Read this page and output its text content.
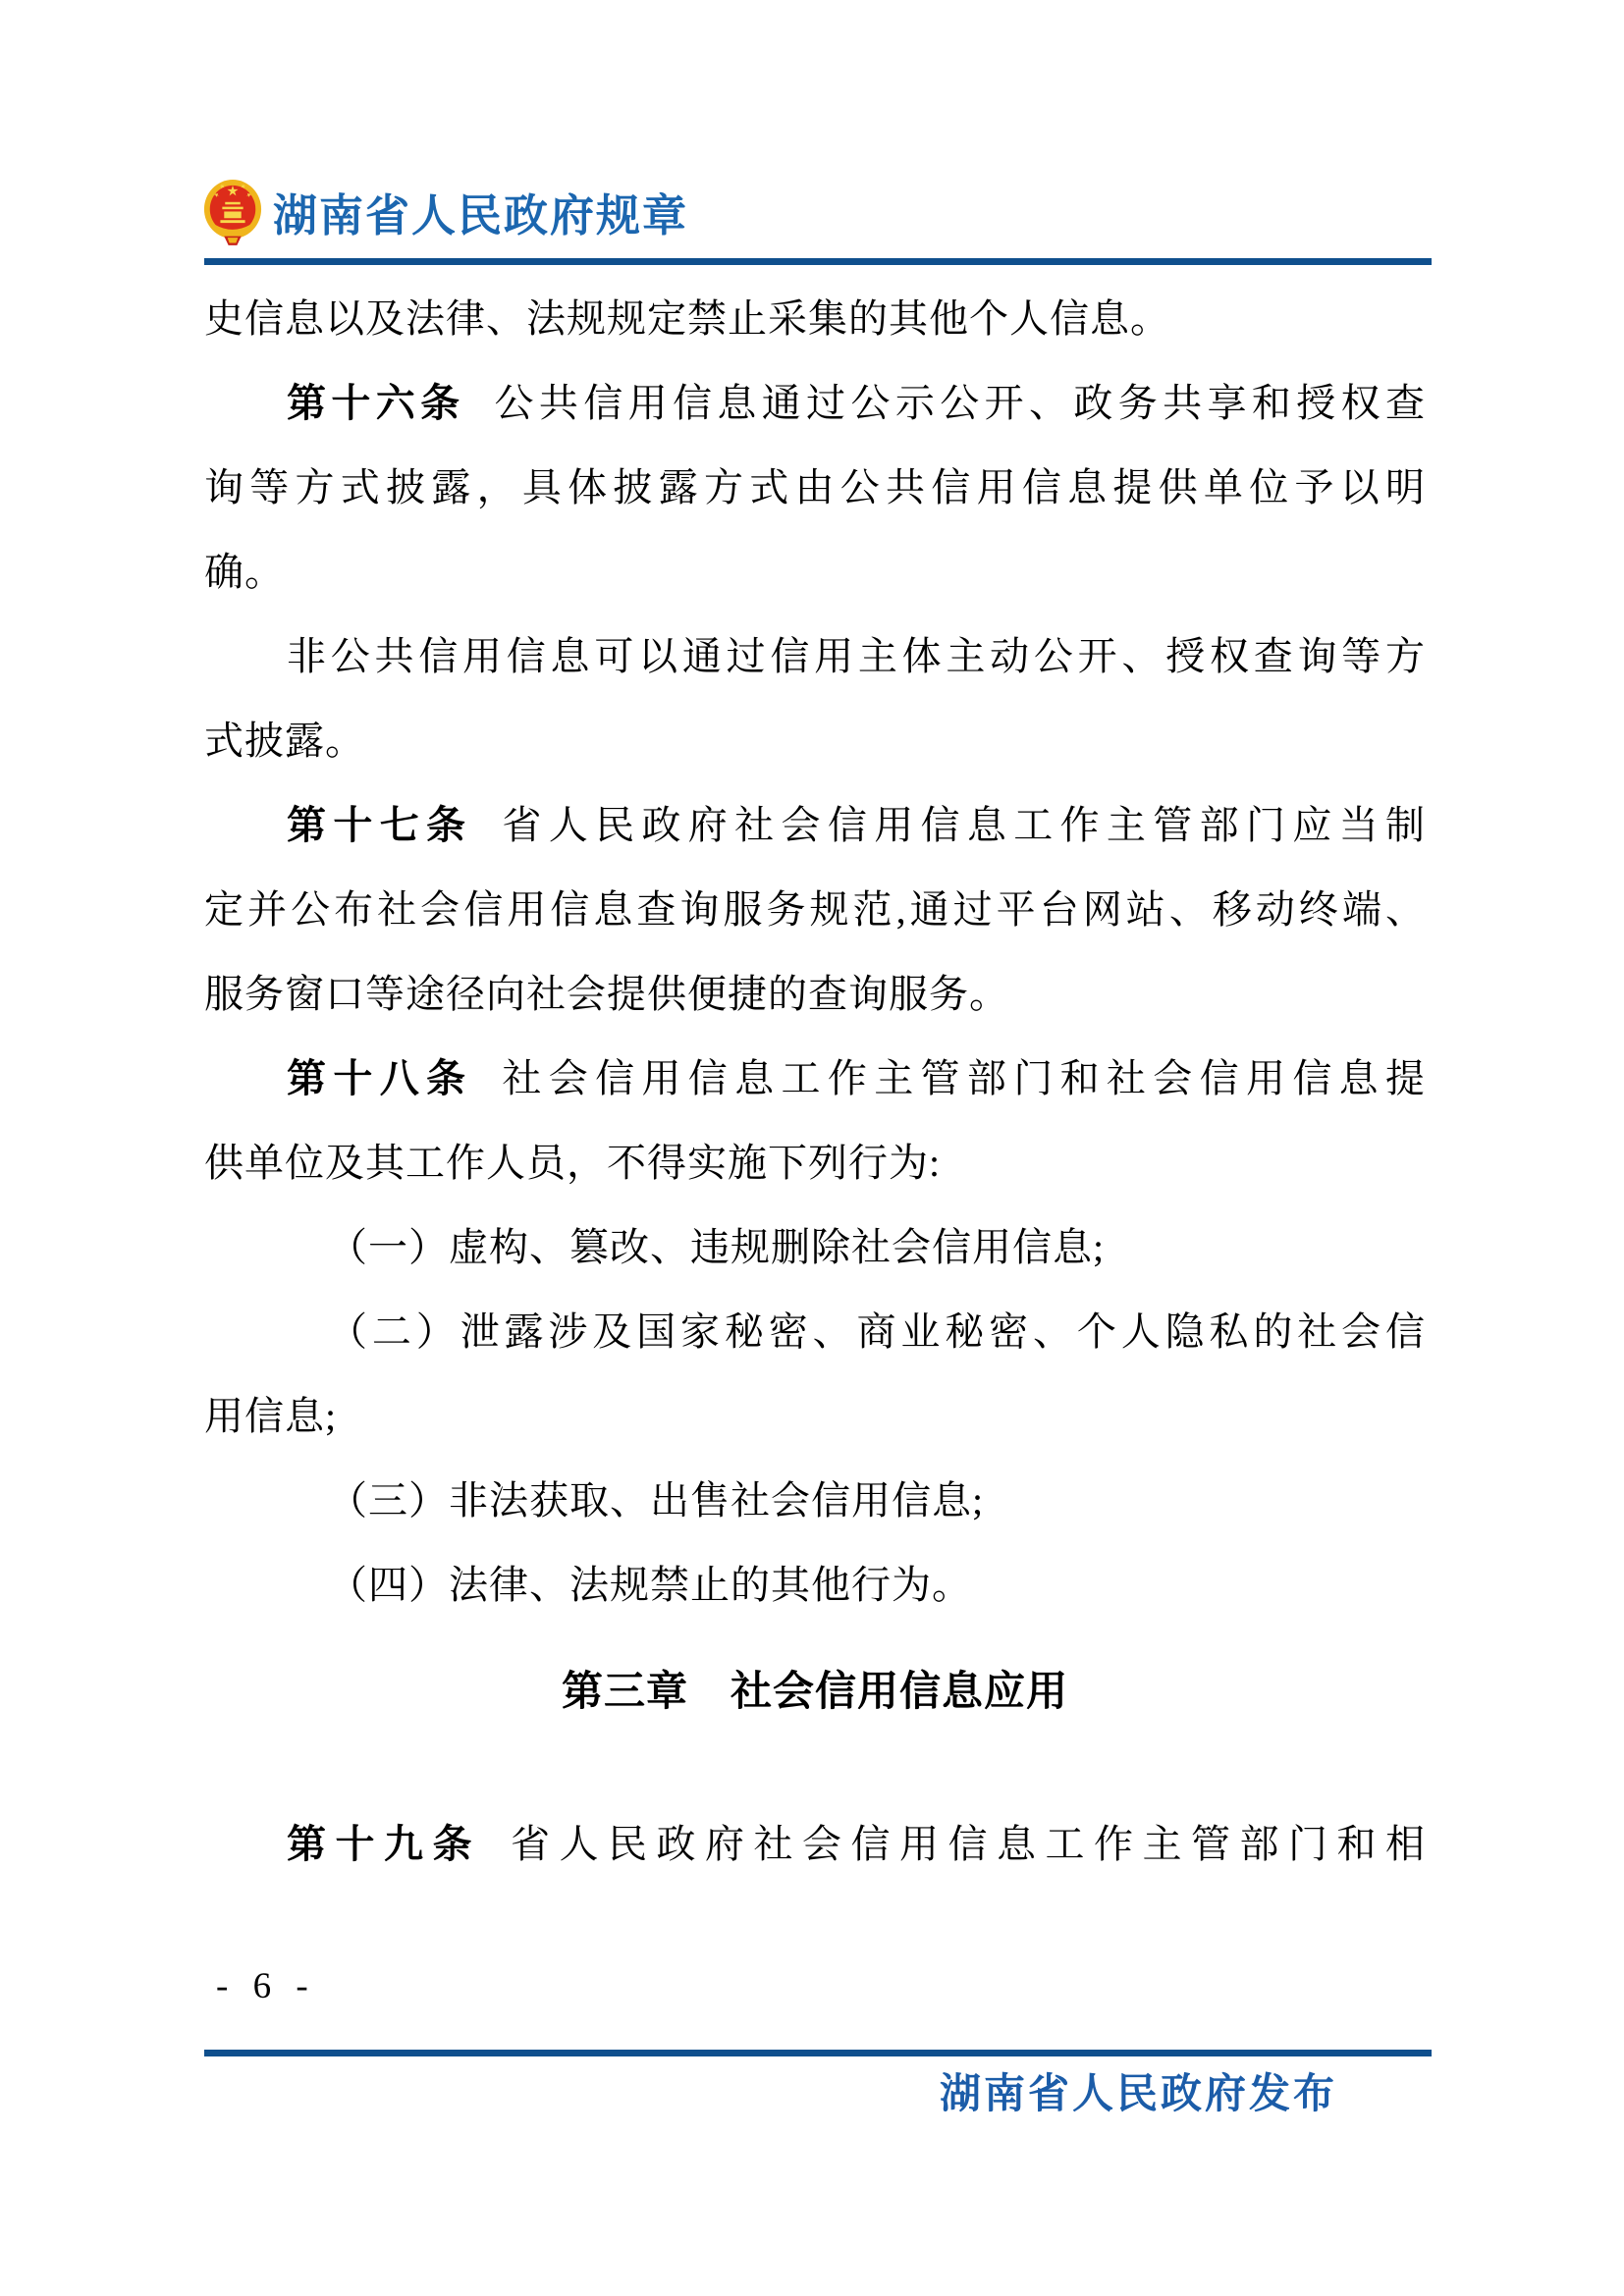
湖南省人民政府规章
史信息以及法律、法规规定禁止采集的其他个人信息。
第十六条 公共信用信息通过公示公开、政务共享和授权查
询等方式披露，具体披露方式由公共信用信息提供单位予以明
确。
非公共信用信息可以通过信用主体主动公开、授权查询等方
式披露。
第十七条 省人民政府社会信用信息工作主管部门应当制
定并公布社会信用信息查询服务规范,通过平台网站、移动终端、
服务窗口等途径向社会提供便捷的查询服务。
第十八条 社会信用信息工作主管部门和社会信用信息提
供单位及其工作人员，不得实施下列行为:
（一）虚构、篡改、违规删除社会信用信息;
（二）泄露涉及国家秘密、商业秘密、个人隐私的社会信
用信息;
（三）非法获取、出售社会信用信息;
（四）法律、法规禁止的其他行为。
第三章　社会信用信息应用
第十九条 省人民政府社会信用信息工作主管部门和相
- 6 -
湖南省人民政府发布
